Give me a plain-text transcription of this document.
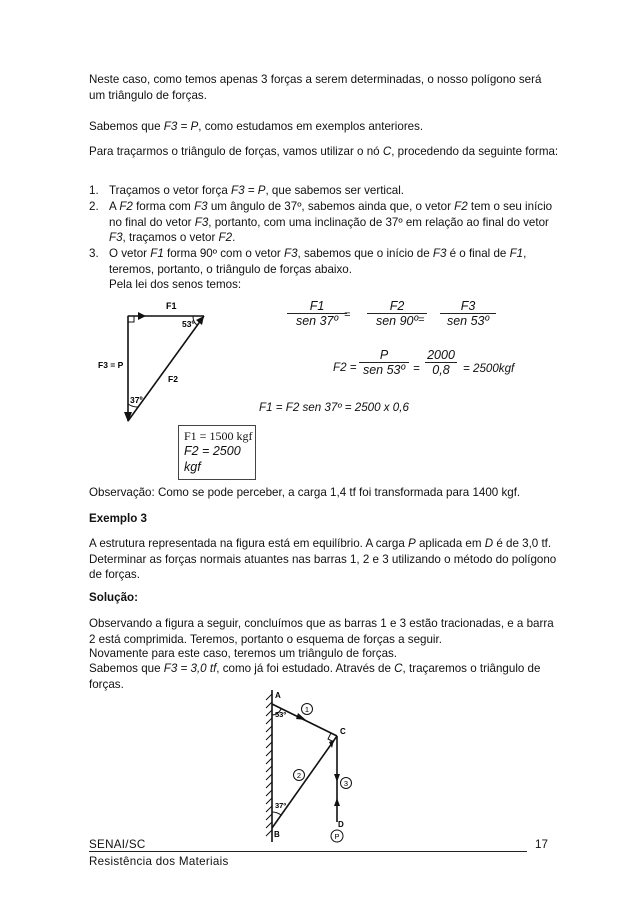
Neste caso, como temos apenas 3 forças a serem determinadas, o nosso polígono será um triângulo de forças.
Sabemos que F3 = P, como estudamos em exemplos anteriores.
Para traçarmos o triângulo de forças, vamos utilizar o nó C, procedendo da seguinte forma:
1. Traçamos o vetor força F3 = P, que sabemos ser vertical.
2. A F2 forma com F3 um ângulo de 37º, sabemos ainda que, o vetor F2 tem o seu início no final do vetor F3, portanto, com uma inclinação de 37º em relação ao final do vetor F3, traçamos o vetor F2.
3. O vetor F1 forma 90º com o vetor F3, sabemos que o início de F3 é o final de F1, teremos, portanto, o triângulo de forças abaixo.
Pela lei dos senos temos:
F1
53º
F3 = P
F2
37º
F1
sen 37º =
F2
sen 90º =
F3
sen 53º
F2 =
P
sen 53º = $\frac{2000}{0,8} = 2500kgf$
F1 = F2 sen 37º = 2500 x 0,6
F1 = 1500 kgf
F2 = 2500
kgf
Observação: Como se pode perceber, a carga 1,4 tf foi transformada para 1400 kgf.
Exemplo 3
A estrutura representada na figura está em equilíbrio. A carga P aplicada em D é de 3,0 tf. Determinar as forças normais atuantes nas barras 1, 2 e 3 utilizando o método do polígono de forças.
Solução:
Observando a figura a seguir, concluímos que as barras 1 e 3 estão tracionadas, e a barra 2 está comprimida. Teremos, portanto o esquema de forças a seguir.
Novamente para este caso, teremos um triângulo de forças.
Sabemos que F3 = 3,0 tf, como já foi estudado. Através de C, traçaremos o triângulo de forças.
A
53º
1
C
2
3
37º
D
B	P
SENAI/SC	17
Resistência dos Materiais
